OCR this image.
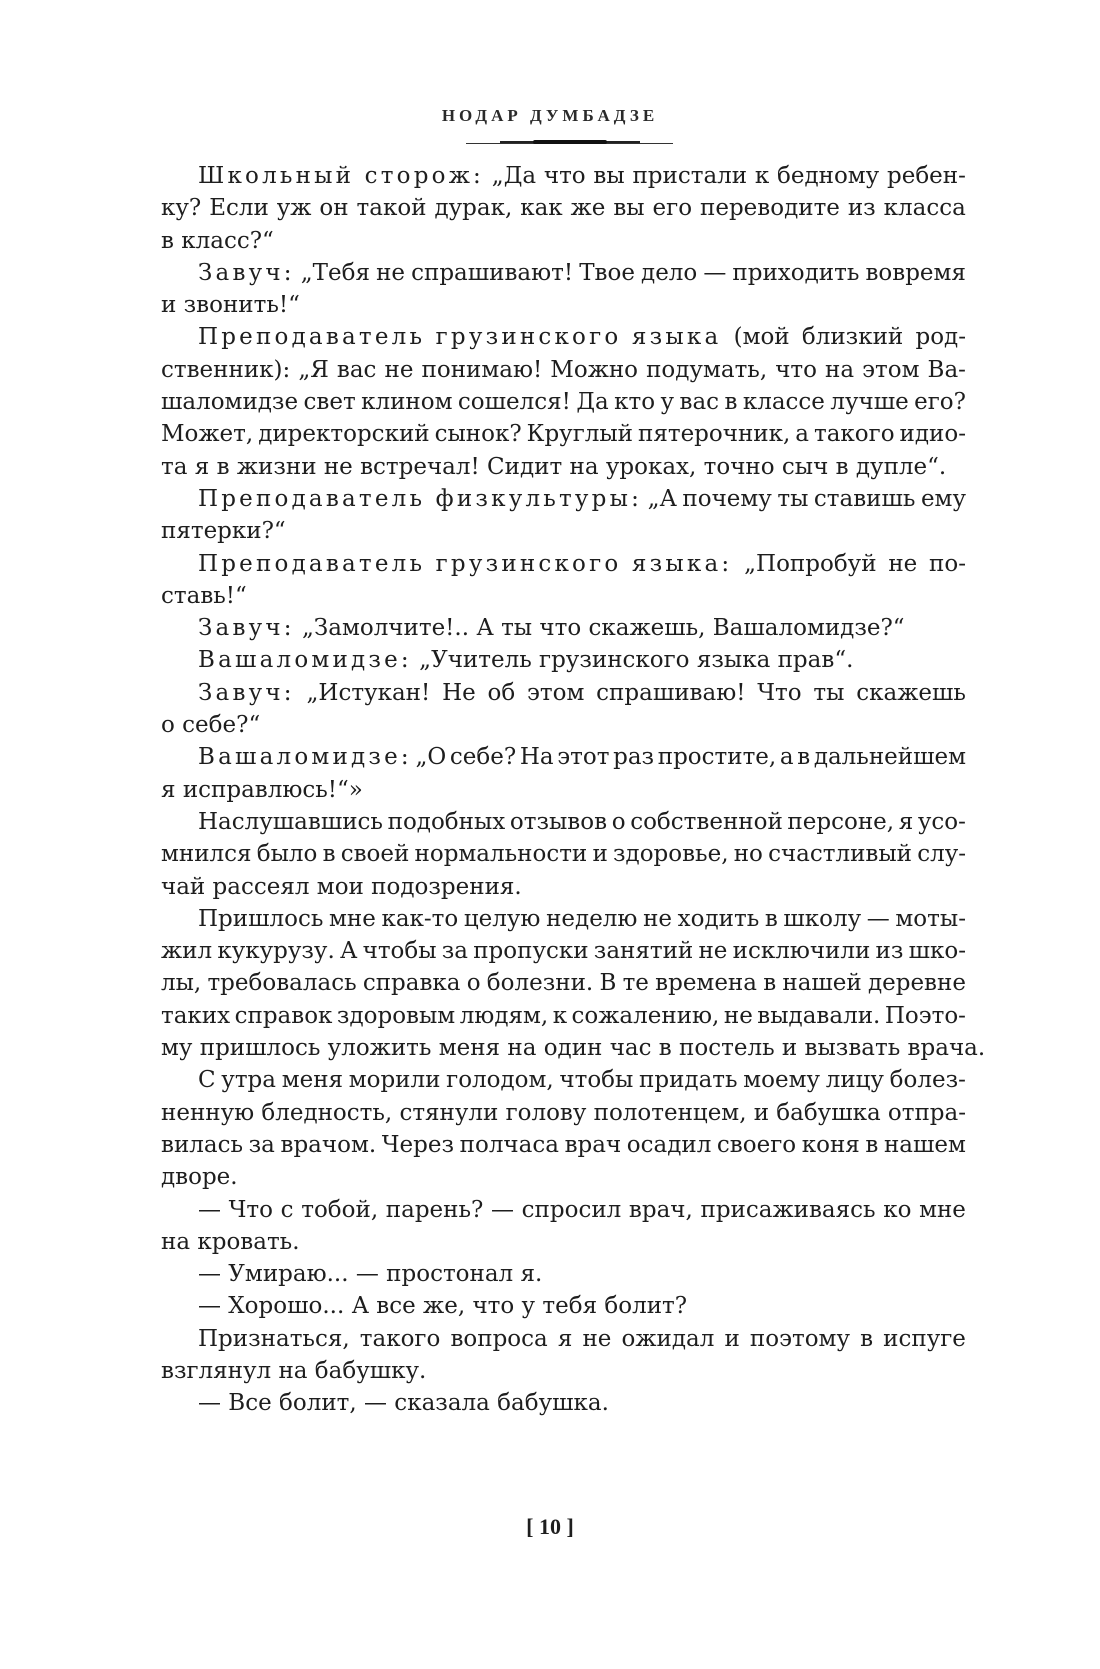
НОДАР ДУМБАДЗЕ
Школьный сторож: „Да что вы пристали к бедному ребен-
ку? Если уж он такой дурак, как же вы его переводите из класса
в класс?“
Завуч: „Тебя не спрашивают! Твое дело — приходить вовремя
и звонить!“
Преподаватель грузинского языка (мой близкий род-
ственник): „Я вас не понимаю! Можно подумать, что на этом Ва-
шаломидзе свет клином сошелся! Да кто у вас в классе лучше его?
Может, директорский сынок? Круглый пятерочник, а такого идио-
та я в жизни не встречал! Сидит на уроках, точно сыч в дупле“.
Преподаватель физкультуры: „А почему ты ставишь ему
пятерки?“
Преподаватель грузинского языка: „Попробуй не по-
ставь!“
Завуч: „Замолчите!.. А ты что скажешь, Вашаломидзе?“
Вашаломидзе: „Учитель грузинского языка прав“.
Завуч: „Истукан! Не об этом спрашиваю! Что ты скажешь
о себе?“
Вашаломидзе: „О себе? На этот раз простите, а в дальнейшем
я исправлюсь!“»
Наслушавшись подобных отзывов о собственной персоне, я усо-
мнился было в своей нормальности и здоровье, но счастливый слу-
чай рассеял мои подозрения.
Пришлось мне как-то целую неделю не ходить в школу — моты-
жил кукурузу. А чтобы за пропуски занятий не исключили из шко-
лы, требовалась справка о болезни. В те времена в нашей деревне
таких справок здоровым людям, к сожалению, не выдавали. Поэто-
му пришлось уложить меня на один час в постель и вызвать врача.
С утра меня морили голодом, чтобы придать моему лицу болез-
ненную бледность, стянули голову полотенцем, и бабушка отпра-
вилась за врачом. Через полчаса врач осадил своего коня в нашем
дворе.
— Что с тобой, парень? — спросил врач, присаживаясь ко мне
на кровать.
— Умираю... — простонал я.
— Хорошо... А все же, что у тебя болит?
Признаться, такого вопроса я не ожидал и поэтому в испуге
взглянул на бабушку.
— Все болит, — сказала бабушка.
[ 10 ]
